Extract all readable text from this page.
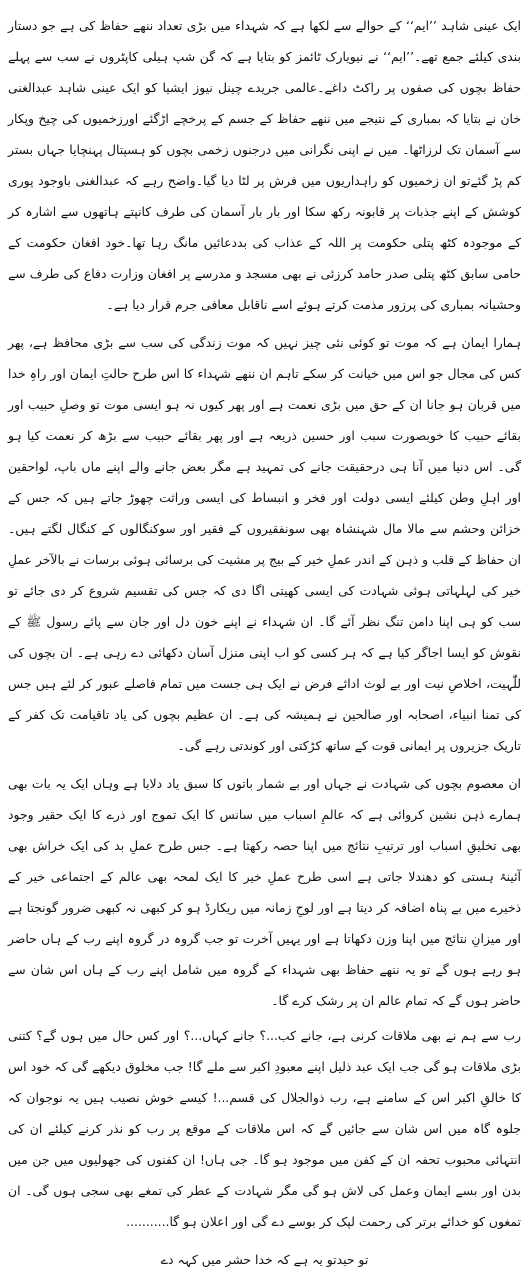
ایک عینی شاہد ’’ایم‘‘ کے حوالے سے لکھا ہے کہ شہداء میں بڑی تعداد ننھے حفاظ کی ہے جو دستار بندی کیلئے جمع تھے۔’’ایم‘‘ نے نیویارک ٹائمز کو بتایا ہے کہ گن شپ ہیلی کاپٹروں نے سب سے پہلے حفاظ بچوں کی صفوں پر راکٹ داغے۔عالمی جریدے چینل نیوز ایشیا کو ایک عینی شاہد عبدالغنی خان نے بتایا کہ بمباری کے نتیجے میں ننھے حفاظ کے جسم کے پرخچے اڑگئے اورزخمیوں کی چیخ وپکار سے آسمان تک لرزاٹھا۔ میں نے اپنی نگرانی میں درجنوں زخمی بچوں کو ہسپتال پہنچایا جہاں بستر کم پڑ گئےتو ان زخمیوں کو راہداریوں میں فرش پر لٹا دیا گیا۔واضح رہے کہ عبدالغنی باوجود پوری کوشش کے اپنے جذبات پر قابونہ رکھ سکا اور بار بار آسمان کی طرف کانپتے ہاتھوں سے اشارہ کر کے موجودہ کٹھ پتلی حکومت پر اللہ کے عذاب کی بددعائیں مانگ رہا تھا۔خود افغان حکومت کے حامی سابق کٹھ پتلی صدر حامد کرزئی نے بھی مسجد و مدرسے پر افغان وزارت دفاع کی طرف سے وحشیانہ بمباری کی پرزور مذمت کرتے ہوئے اسے ناقابل معافی جرم قرار دیا ہے۔

ہمارا ایمان ہے کہ موت تو کوئی نئی چیز نہیں کہ موت زندگی کی سب سے بڑی محافظ ہے، پھر کس کی مجال جو اس میں خیانت کر سکے تاہم ان ننھے شہداء کا اس طرح حالتِ ایمان اور راہِ خدا میں قربان ہو جانا ان کے حق میں بڑی نعمت ہے اور پھر کیوں نہ ہو ایسی موت تو وصلِ حبیب اور بقائے حبیب کا خوبصورت سبب اور حسین ذریعہ ہے اور پھر بقائے حبیب سے بڑھ کر نعمت کیا ہو گی۔ اس دنیا میں آنا ہی درحقیقت جانے کی تمہید ہے مگر بعض جانے والے اپنے ماں باپ، لواحقین اور اہلِ وطن کیلئے ایسی دولت اور فخر و انبساط کی ایسی وراثت چھوڑ جاتے ہیں کہ جس کے خزائن وحشم سے مالا مال شہنشاہ بھی سونفقیروں کے فقیر اور سوکنگالوں کے کنگال لگتے ہیں۔ ان حفاظ کے قلب و ذہن کے اندر عملِ خیر کے بیج پر مشیت کی برسائی ہوئی برسات نے بالآخر عملِ خیر کی لہلہاتی ہوئی شہادت کی ایسی کھیتی اگا دی کہ جس کی تقسیم شروع کر دی جائے تو سب کو ہی اپنا دامن تنگ نظر آئے گا۔ ان شہداء نے اپنے خون دل اور جان سے پائے رسول ﷺ کے نقوش کو ایسا اجاگر کیا ہے کہ ہر کسی کو اب اپنی منزل آسان دکھائی دے رہی ہے۔ ان بچوں کی للّٰہیت، اخلاصِ نیت اور بے لوث ادائے فرض نے ایک ہی جست میں تمام فاصلے عبور کر لئے ہیں جس کی تمنا انبیاء، اصحابہ اور صالحین نے ہمیشہ کی ہے۔ ان عظیم بچوں کی یاد تاقیامت تک کفر کے تاریک جزیروں پر ایمانی قوت کے ساتھ کڑکتی اور کوندتی رہے گی۔

ان معصوم بچوں کی شہادت نے جہاں اور بے شمار باتوں کا سبق یاد دلایا ہے وہاں ایک یہ بات بھی ہمارے ذہن نشین کروائی ہے کہ عالمِ اسباب میں سانس کا ایک تموج اور ذرے کا ایک حقیر وجود بھی تخلیقِ اسباب اور ترتیبِ نتائج میں اپنا حصہ رکھتا ہے۔ جس طرح عملِ بد کی ایک خراش بھی آئینۂ ہستی کو دھندلا جاتی ہے اسی طرح عملِ خیر کا ایک لمحہ بھی عالم کے اجتماعی خیر کے ذخیرے میں بے پناہ اضافہ کر دیتا ہے اور لوحِ زمانہ میں ریکارڈ ہو کر کبھی نہ کبھی ضرور گونجتا ہے اور میزانِ نتائج میں اپنا وزن دکھاتا ہے اور یہیں آخرت تو جب گروہ در گروہ اپنے رب کے ہاں حاضر ہو رہے ہوں گے تو یہ ننھے حفاظ بھی شہداء کے گروہ میں شامل اپنے رب کے ہاں اس شان سے حاضر ہوں گے کہ تمام عالم ان پر رشک کرے گا۔

رب سے ہم نے بھی ملاقات کرنی ہے، جانے کب...؟ جانے کہاں...؟ اور کس حال میں ہوں گے؟ کتنی بڑی ملاقات ہو گی جب ایک عبد ذلیل اپنے معبودِ اکبر سے ملے گا! جب مخلوق دیکھے گی کہ خود اس کا خالقِ اکبر اس کے سامنے ہے، رب ذوالجلال کی قسم...! کیسے خوش نصیب ہیں یہ نوجوان کہ جلوہ گاہ میں اس شان سے جائیں گے کہ اس ملاقات کے موقع پر رب کو نذر کرنے کیلئے ان کی انتہائی محبوب تحفہ ان کے کفن میں موجود ہو گا۔ جی ہاں! ان کفنوں کی جھولیوں میں جن میں بدن اور بسے ایمان وعمل کی لاش ہو گی مگر شہادت کے عطر کی تمغے بھی سجی ہوں گی۔ ان تمغوں کو خدائے برتر کی رحمت لپک کر بوسے دے گی اور اعلان ہو گا...........

تو حیدتو یہ ہے کہ خدا حشر میں کہہ دے
